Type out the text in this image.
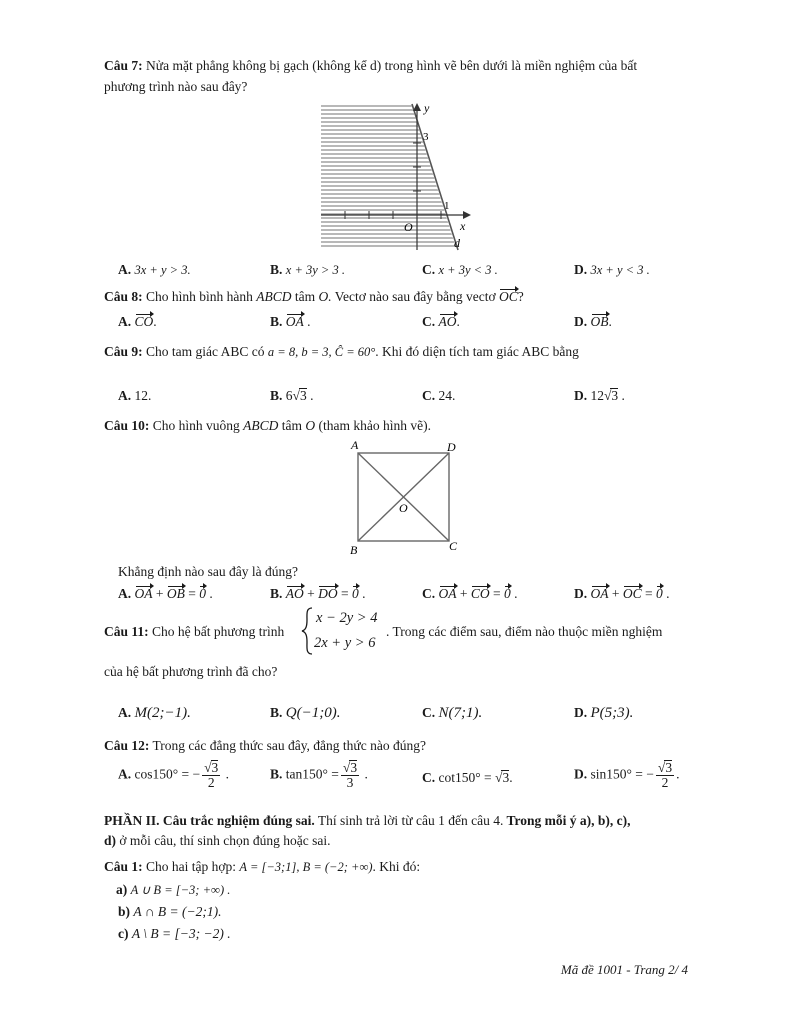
Câu 7: Nửa mặt phẳng không bị gạch (không kể d) trong hình vẽ bên dưới là miền nghiệm của bất
phương trình nào sau đây?
y
x
O
3
1
d
A. 3x + y > 3.	B. x + 3y > 3 .	C. x + 3y < 3 .	D. 3x + y < 3 .
Câu 8: Cho hình bình hành ABCD tâm O. Vectơ nào sau đây bằng vectơ OC?
A. CO.	B. OA .	C. AO.	D. OB.
Câu 9: Cho tam giác ABC có a = 8, b = 3, Ĉ = 60°. Khi đó diện tích tam giác ABC bằng
A. 12.	B. 6√3 .	C. 24.	D. 12√3 .
Câu 10: Cho hình vuông ABCD tâm O (tham khảo hình vẽ).
A	D
B	C
O
Khẳng định nào sau đây là đúng?
A. OA + OB = 0 .	B. AO + DO = 0 .	C. OA + CO = 0 .	D. OA + OC = 0 .
Câu 11: Cho hệ bất phương trình
x − 2y > 4
2x + y > 6
. Trong các điểm sau, điểm nào thuộc miền nghiệm
của hệ bất phương trình đã cho?
A. M(2;−1).	B. Q(−1;0).	C. N(7;1).	D. P(5;3).
Câu 12: Trong các đẳng thức sau đây, đẳng thức nào đúng?
A. cos150° = − $\frac{√3}{2}$ .	B. $\tan 150^\circ = \frac{√3}{3}$ .	C. cot150° = √3.	D. sin150° = − $\frac{√3}{2}$ .
PHẦN II. Câu trắc nghiệm đúng sai. Thí sinh trả lời từ câu 1 đến câu 4. Trong mỗi ý a), b), c),
d) ở mỗi câu, thí sinh chọn đúng hoặc sai.
Câu 1: Cho hai tập hợp: A = [−3;1], B = (−2; +∞). Khi đó:
a) A ∪ B = [−3; +∞) .
b) A ∩ B = (−2;1).
c) A \ B = [−3; −2) .
Mã đề 1001 - Trang 2/ 4
